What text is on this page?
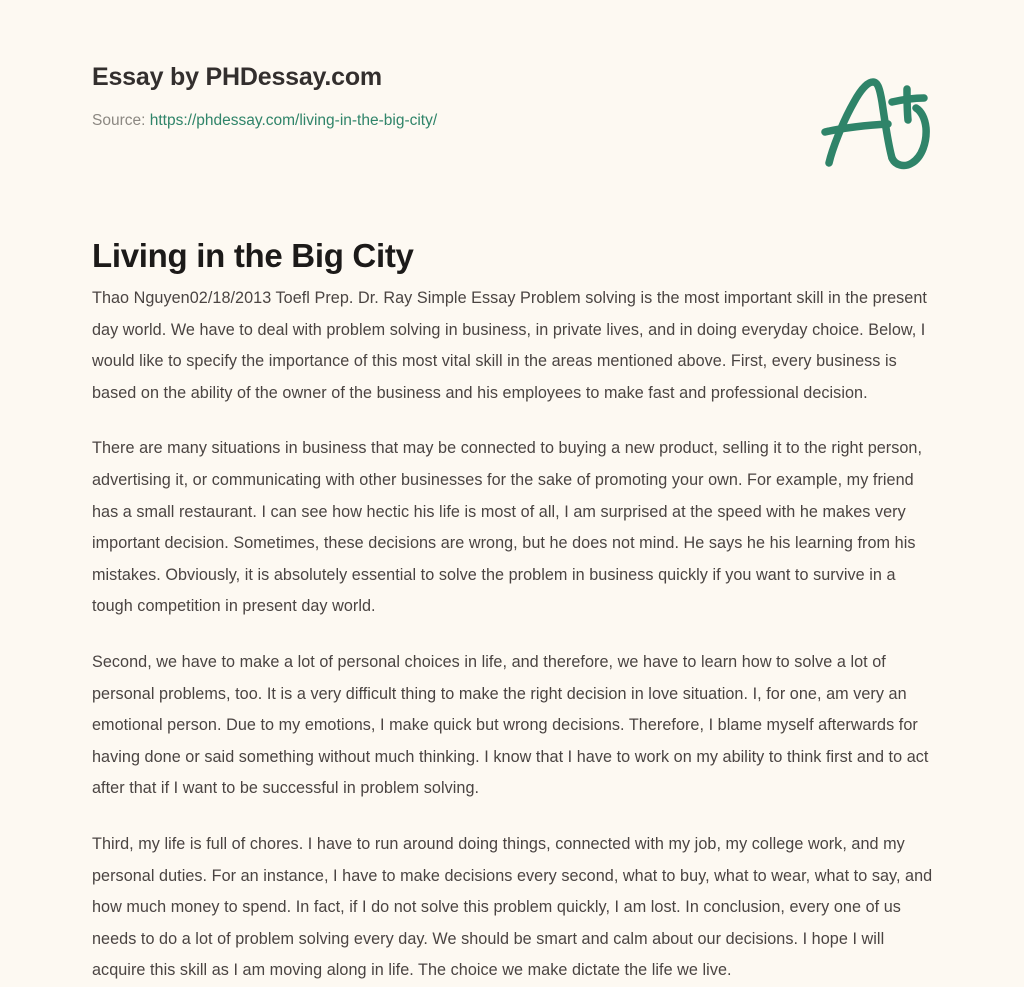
Essay by PHDessay.com
Source: https://phdessay.com/living-in-the-big-city/
Living in the Big City

Thao Nguyen02/18/2013 Toefl Prep. Dr. Ray Simple Essay Problem solving is the most important skill in the present day world. We have to deal with problem solving in business, in private lives, and in doing everyday choice. Below, I would like to specify the importance of this most vital skill in the areas mentioned above. First, every business is based on the ability of the owner of the business and his employees to make fast and professional decision.

There are many situations in business that may be connected to buying a new product, selling it to the right person, advertising it, or communicating with other businesses for the sake of promoting your own. For example, my friend has a small restaurant. I can see how hectic his life is most of all, I am surprised at the speed with he makes very important decision. Sometimes, these decisions are wrong, but he does not mind. He says he his learning from his mistakes. Obviously, it is absolutely essential to solve the problem in business quickly if you want to survive in a tough competition in present day world.

Second, we have to make a lot of personal choices in life, and therefore, we have to learn how to solve a lot of personal problems, too. It is a very difficult thing to make the right decision in love situation. I, for one, am very an emotional person. Due to my emotions, I make quick but wrong decisions. Therefore, I blame myself afterwards for having done or said something without much thinking. I know that I have to work on my ability to think first and to act after that if I want to be successful in problem solving.

Third, my life is full of chores. I have to run around doing things, connected with my job, my college work, and my personal duties. For an instance, I have to make decisions every second, what to buy, what to wear, what to say, and how much money to spend. In fact, if I do not solve this problem quickly, I am lost. In conclusion, every one of us needs to do a lot of problem solving every day. We should be smart and calm about our decisions. I hope I will acquire this skill as I am moving along in life. The choice we make dictate the life we live.
